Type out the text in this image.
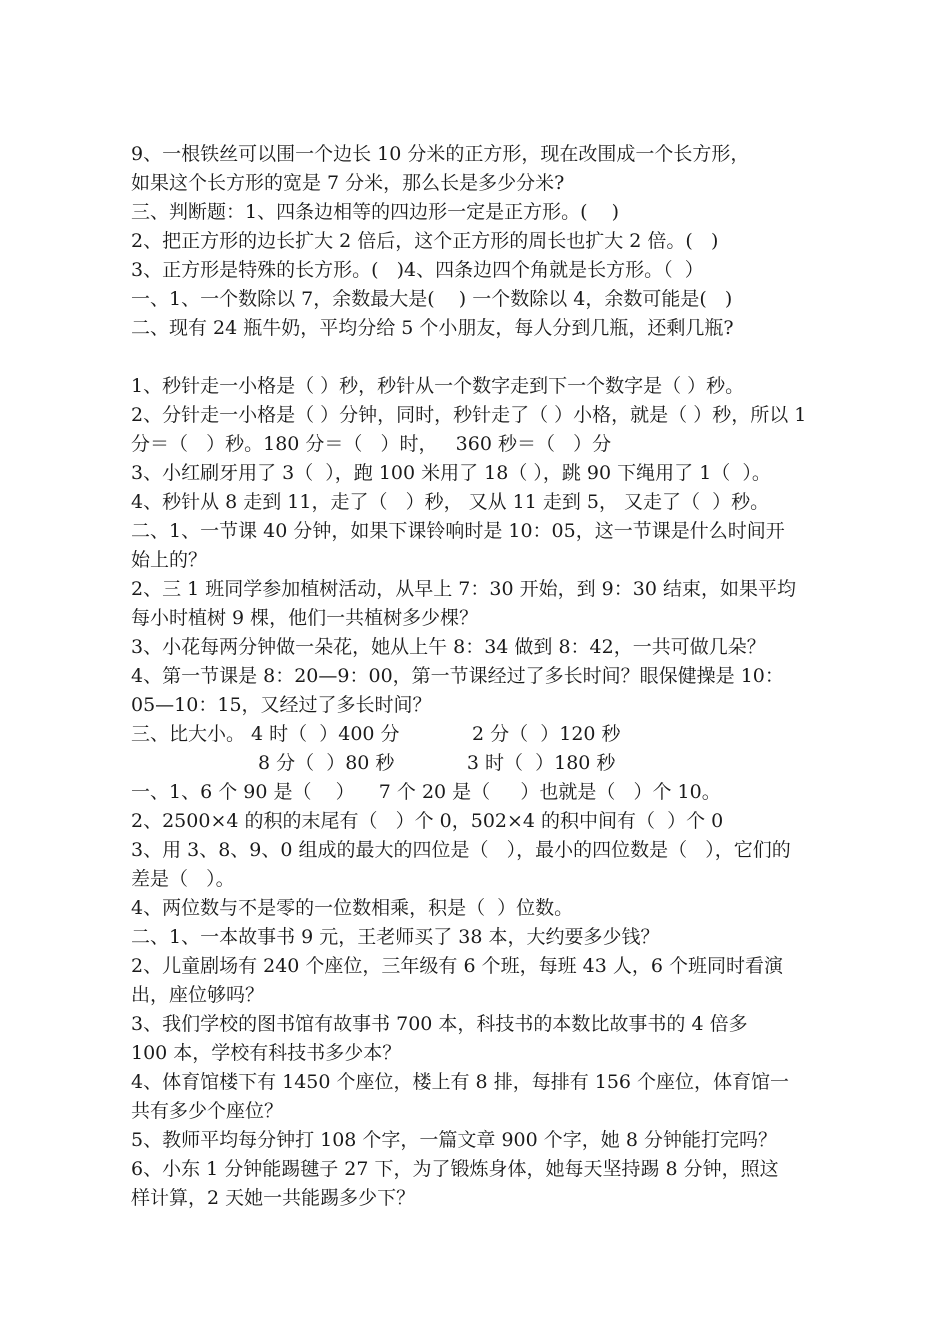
9、一根铁丝可以围一个边长 10 分米的正方形，现在改围成一个长方形，
如果这个长方形的宽是 7 分米，那么长是多少分米?
三、判断题：1、四条边相等的四边形一定是正方形。(    )
2、把正方形的边长扩大 2 倍后，这个正方形的周长也扩大 2 倍。(   )
3、正方形是特殊的长方形。(   )4、四条边四个角就是长方形。（  ）
一、1、一个数除以 7，余数最大是(    ) 一个数除以 4，余数可能是(   )
二、现有 24 瓶牛奶，平均分给 5 个小朋友，每人分到几瓶，还剩几瓶?
1、秒针走一小格是（ ）秒，秒针从一个数字走到下一个数字是（ ）秒。
2、分针走一小格是（ ）分钟，同时，秒针走了（ ）小格，就是（ ）秒，所以 1
分＝（   ）秒。180 分＝（   ）时，   360 秒＝（   ）分
3、小红刷牙用了 3（  ），跑 100 米用了 18（ ），跳 90 下绳用了 1（  ）。
4、秒针从 8 走到 11，走了（   ）秒， 又从 11 走到 5， 又走了（  ）秒。
二、1、一节课 40 分钟，如果下课铃响时是 10：05，这一节课是什么时间开
始上的？
2、三 1 班同学参加植树活动，从早上 7：30 开始，到 9：30 结束，如果平均
每小时植树 9 棵，他们一共植树多少棵？
3、小花每两分钟做一朵花，她从上午 8：34 做到 8：42，一共可做几朵？
4、第一节课是 8：20—9：00，第一节课经过了多长时间？眼保健操是 10：
05—10：15，又经过了多长时间？
三、比大小。 4 时（  ）400 分            2 分（  ）120 秒
8 分（  ）80 秒            3 时（  ）180 秒
一、1、6 个 90 是（    ）    7 个 20 是（     ）也就是（   ）个 10。
2、2500×4 的积的末尾有（   ）个 0，502×4 的积中间有（  ）个 0
3、用 3、8、9、0 组成的最大的四位是（   ），最小的四位数是（   ），它们的
差是（   ）。
4、两位数与不是零的一位数相乘，积是（  ）位数。
二、1、一本故事书 9 元，王老师买了 38 本，大约要多少钱？
2、儿童剧场有 240 个座位，三年级有 6 个班，每班 43 人，6 个班同时看演
出，座位够吗？
3、我们学校的图书馆有故事书 700 本，科技书的本数比故事书的 4 倍多
100 本，学校有科技书多少本？
4、体育馆楼下有 1450 个座位，楼上有 8 排，每排有 156 个座位，体育馆一
共有多少个座位？
5、教师平均每分钟打 108 个字，一篇文章 900 个字，她 8 分钟能打完吗？
6、小东 1 分钟能踢毽子 27 下，为了锻炼身体，她每天坚持踢 8 分钟，照这
样计算，2 天她一共能踢多少下？
